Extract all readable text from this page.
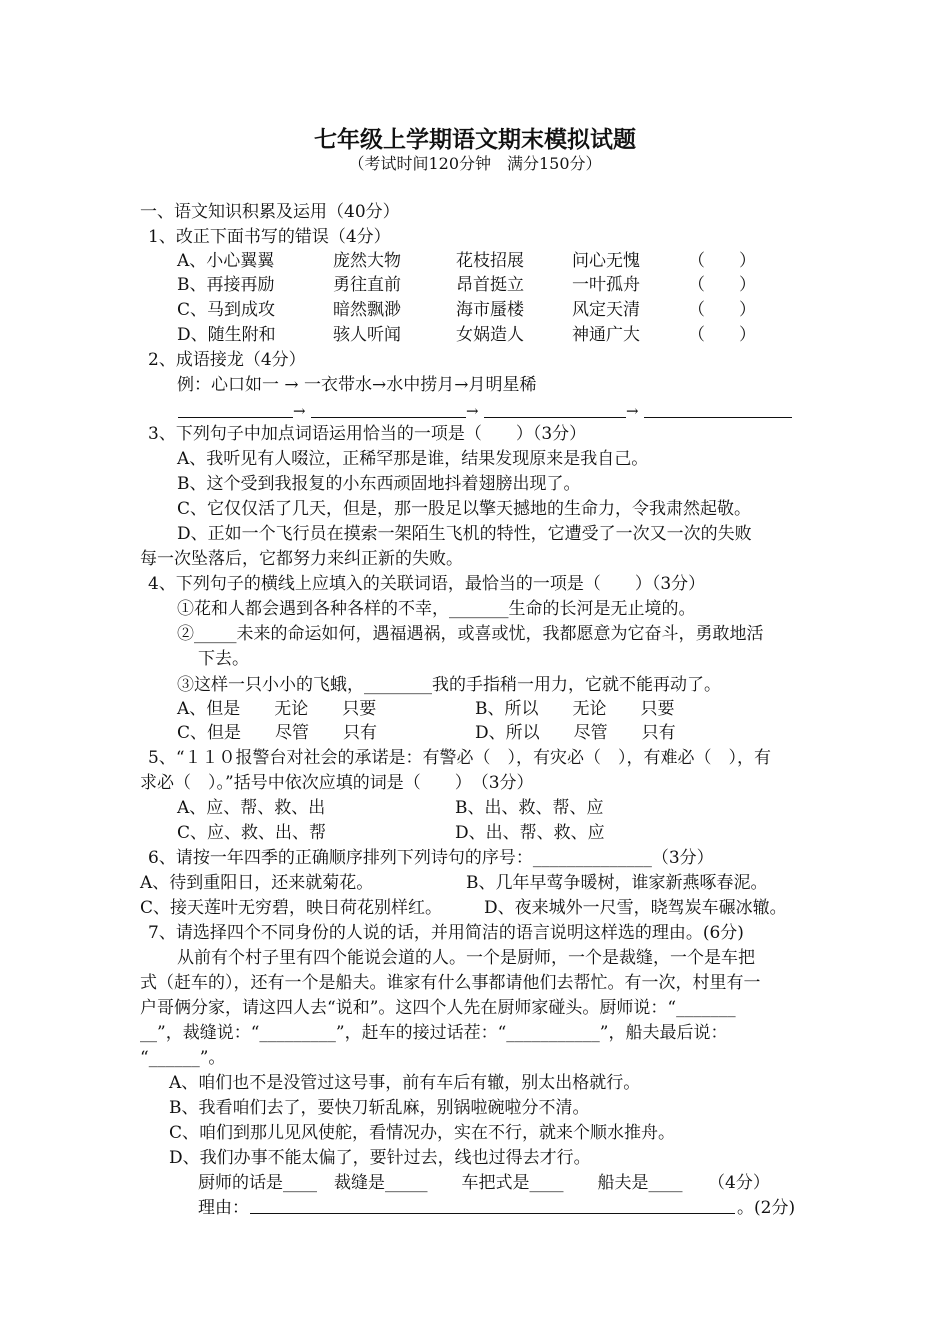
七年级上学期语文期末模拟试题
（考试时间120分钟　满分150分）
一、语文知识积累及运用（40分）
1、改正下面书写的错误（4分）
A、小心翼翼	庞然大物	花枝招展	问心无愧	（　　）
B、再接再励	勇往直前	昂首挺立	一叶孤舟	（　　）
C、马到成攻	暗然飘渺	海市蜃楼	风定天清	（　　）
D、随生附和	骇人听闻	女娲造人	神通广大	（　　）
2、成语接龙（4分）
例：心口如一 → 一衣带水→水中捞月→月明星稀
→	→	→
3、下列句子中加点词语运用恰当的一项是（　　）（3分）
A、我听见有人啜泣，正稀罕那是谁，结果发现原来是我自己。
B、这个受到我报复的小东西顽固地抖着翅膀出现了。
C、它仅仅活了几天，但是，那一股足以擎天撼地的生命力，令我肃然起敬。
D、正如一个飞行员在摸索一架陌生飞机的特性，它遭受了一次又一次的失败
每一次坠落后，它都努力来纠正新的失败。
4、下列句子的横线上应填入的关联词语，最恰当的一项是（　　）（3分）
①花和人都会遇到各种各样的不幸，_______生命的长河是无止境的。
②_____未来的命运如何，遇福遇祸，或喜或忧，我都愿意为它奋斗，勇敢地活
下去。
③这样一只小小的飞蛾，________我的手指稍一用力，它就不能再动了。
A、但是　　无论　　只要	B、所以　　无论　　只要
C、但是　　尽管　　只有	D、所以　　尽管　　只有
5、“１１０报警台对社会的承诺是：有警必（　），有灾必（　），有难必（　），有
求必（　）。”括号中依次应填的词是（　　）　（3分）
A、应、帮、救、出	B、出、救、帮、应
C、应、救、出、帮	D、出、帮、救、应
6、请按一年四季的正确顺序排列下列诗句的序号：______________（3分）
A、待到重阳日，还来就菊花。	B、几年早莺争暖树，谁家新燕啄春泥。
C、接天莲叶无穷碧，映日荷花别样红。 D、夜来城外一尺雪，晓驾炭车碾冰辙。
7、请选择四个不同身份的人说的话，并用简洁的语言说明这样选的理由。(6分)
从前有个村子里有四个能说会道的人。一个是厨师，一个是裁缝，一个是车把
式（赶车的），还有一个是船夫。谁家有什么事都请他们去帮忙。有一次，村里有一
户哥俩分家，请这四人去“说和”。这四个人先在厨师家碰头。厨师说：“_______
__”，裁缝说：“_________”，赶车的接过话茬：“___________”，船夫最后说：
“______”。
A、咱们也不是没管过这号事，前有车后有辙，别太出格就行。
B、我看咱们去了，要快刀斩乱麻，别锅啦碗啦分不清。
C、咱们到那儿见风使舵，看情况办，实在不行，就来个顺水推舟。
D、我们办事不能太偏了，要针过去，线也过得去才行。
厨师的话是____　裁缝是_____　　车把式是____　　船夫是____　　（4分）
理由：	。(2分)
